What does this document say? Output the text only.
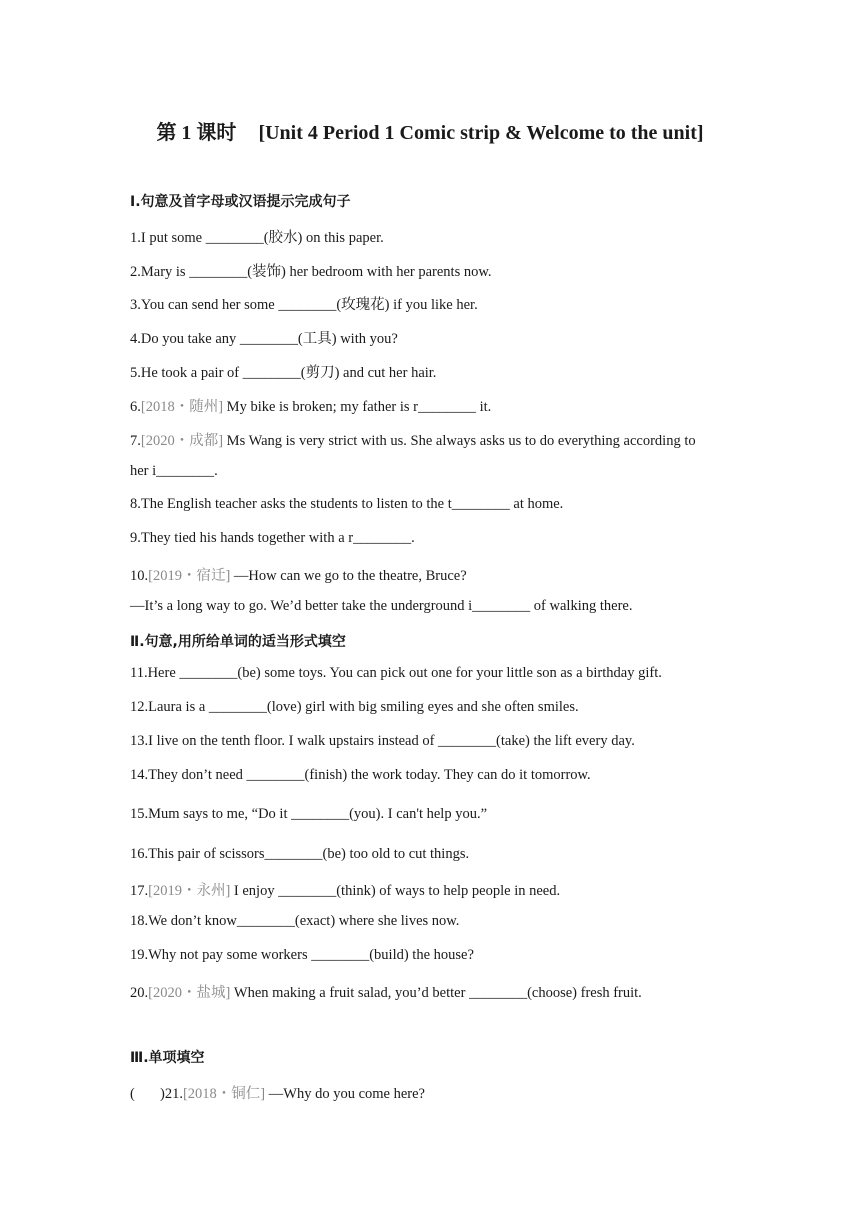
第 1 课时 [Unit 4 Period 1 Comic strip & Welcome to the unit]
Ⅰ.句意及首字母或汉语提示完成句子
1.I put some ________(胶水) on this paper.
2.Mary is ________(装饰) her bedroom with her parents now.
3.You can send her some ________(玫瑰花) if you like her.
4.Do you take any ________(工具) with you?
5.He took a pair of ________(剪刀) and cut her hair.
6.[2018・随州] My bike is broken; my father is r________ it.
7.[2020・成都] Ms Wang is very strict with us. She always asks us to do everything according to
her i________.
8.The English teacher asks the students to listen to the t________ at home.
9.They tied his hands together with a r________.
10.[2019・宿迁] —How can we go to the theatre, Bruce?
—It’s a long way to go. We’d better take the underground i________ of walking there.
Ⅱ.句意,用所给单词的适当形式填空
11.Here ________(be) some toys. You can pick out one for your little son as a birthday gift.
12.Laura is a ________(love) girl with big smiling eyes and she often smiles.
13.I live on the tenth floor. I walk upstairs instead of ________(take) the lift every day.
14.They don’t need ________(finish) the work today. They can do it tomorrow.
15.Mum says to me, “Do it ________(you). I can't help you.”
16.This pair of scissors________(be) too old to cut things.
17.[2019・永州] I enjoy ________(think) of ways to help people in need.
18.We don’t know________(exact) where she lives now.
19.Why not pay some workers ________(build) the house?
20.[2020・盐城] When making a fruit salad, you’d better ________(choose) fresh fruit.
Ⅲ.单项填空
( )21.[2018・铜仁] —Why do you come here?
